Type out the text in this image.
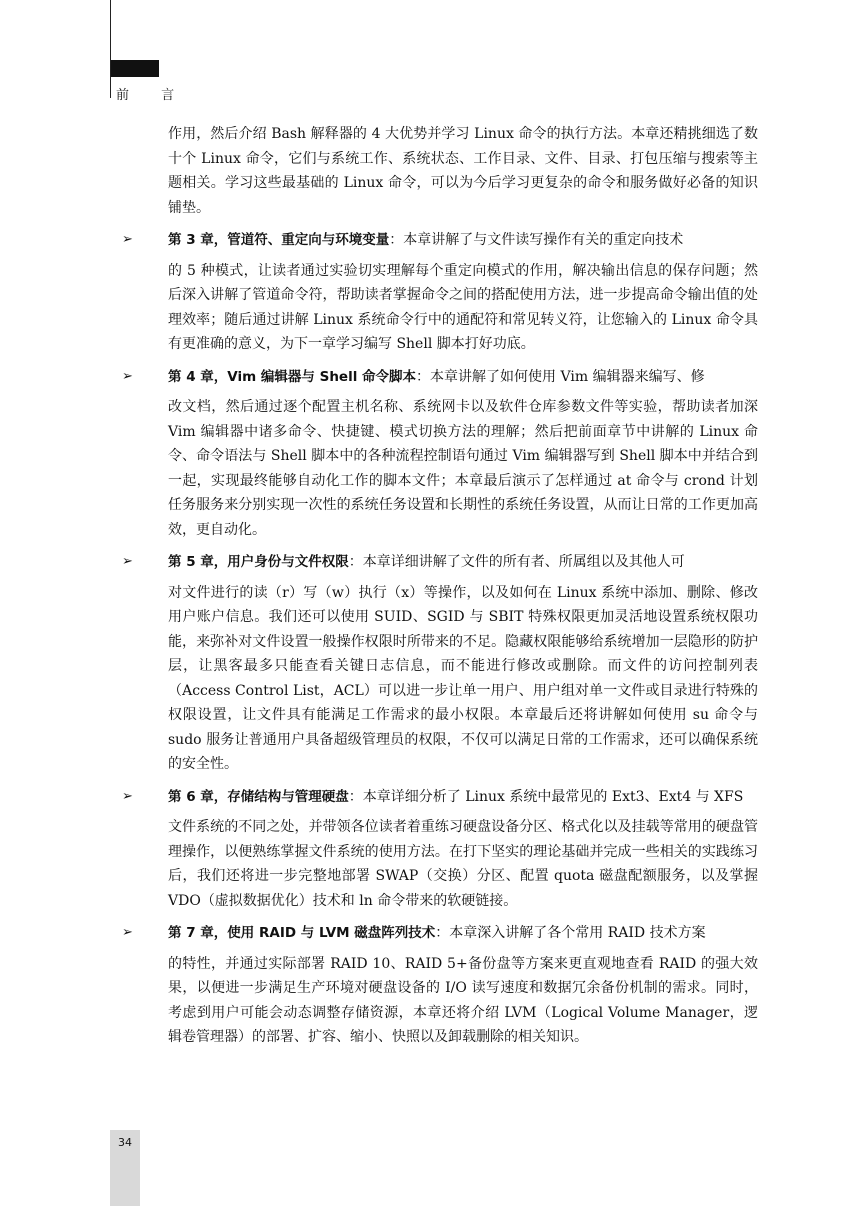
前 言

作用，然后介绍 Bash 解释器的 4 大优势并学习 Linux 命令的执行方法。本章还精挑细选了数十个 Linux 命令，它们与系统工作、系统状态、工作目录、文件、目录、打包压缩与搜索等主题相关。学习这些最基础的 Linux 命令，可以为今后学习更复杂的命令和服务做好必备的知识铺垫。

➢	第 3 章，管道符、重定向与环境变量：本章讲解了与文件读写操作有关的重定向技术
的 5 种模式，让读者通过实验切实理解每个重定向模式的作用，解决输出信息的保存问题；然后深入讲解了管道命令符，帮助读者掌握命令之间的搭配使用方法，进一步提高命令输出值的处理效率；随后通过讲解 Linux 系统命令行中的通配符和常见转义符，让您输入的 Linux 命令具有更准确的意义，为下一章学习编写 Shell 脚本打好功底。
➢	第 4 章，Vim 编辑器与 Shell 命令脚本：本章讲解了如何使用 Vim 编辑器来编写、修
改文档，然后通过逐个配置主机名称、系统网卡以及软件仓库参数文件等实验，帮助读者加深 Vim 编辑器中诸多命令、快捷键、模式切换方法的理解；然后把前面章节中讲解的 Linux 命令、命令语法与 Shell 脚本中的各种流程控制语句通过 Vim 编辑器写到 Shell 脚本中并结合到一起，实现最终能够自动化工作的脚本文件；本章最后演示了怎样通过 at 命令与 crond 计划任务服务来分别实现一次性的系统任务设置和长期性的系统任务设置，从而让日常的工作更加高效，更自动化。
➢	第 5 章，用户身份与文件权限：本章详细讲解了文件的所有者、所属组以及其他人可
对文件进行的读（r）写（w）执行（x）等操作，以及如何在 Linux 系统中添加、删除、修改用户账户信息。我们还可以使用 SUID、SGID 与 SBIT 特殊权限更加灵活地设置系统权限功能，来弥补对文件设置一般操作权限时所带来的不足。隐藏权限能够给系统增加一层隐形的防护层，让黑客最多只能查看关键日志信息，而不能进行修改或删除。而文件的访问控制列表（Access Control List，ACL）可以进一步让单一用户、用户组对单一文件或目录进行特殊的权限设置，让文件具有能满足工作需求的最小权限。本章最后还将讲解如何使用 su 命令与 sudo 服务让普通用户具备超级管理员的权限，不仅可以满足日常的工作需求，还可以确保系统的安全性。
➢	第 6 章，存储结构与管理硬盘：本章详细分析了 Linux 系统中最常见的 Ext3、Ext4 与 XFS
文件系统的不同之处，并带领各位读者着重练习硬盘设备分区、格式化以及挂载等常用的硬盘管理操作，以便熟练掌握文件系统的使用方法。在打下坚实的理论基础并完成一些相关的实践练习后，我们还将进一步完整地部署 SWAP（交换）分区、配置 quota 磁盘配额服务，以及掌握 VDO（虚拟数据优化）技术和 ln 命令带来的软硬链接。
➢	第 7 章，使用 RAID 与 LVM 磁盘阵列技术：本章深入讲解了各个常用 RAID 技术方案
的特性，并通过实际部署 RAID 10、RAID 5+备份盘等方案来更直观地查看 RAID 的强大效果，以便进一步满足生产环境对硬盘设备的 I/O 读写速度和数据冗余备份机制的需求。同时，考虑到用户可能会动态调整存储资源，本章还将介绍 LVM（Logical Volume Manager，逻辑卷管理器）的部署、扩容、缩小、快照以及卸载删除的相关知识。
34
